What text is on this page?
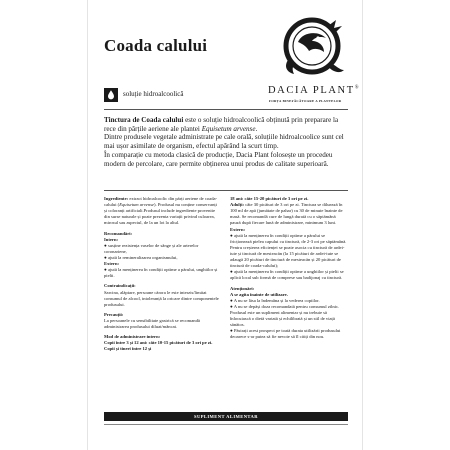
Coada calului
soluție hidroalcoolică	DACIA PLANT®
FORȚA BINEFĂCĂTOARE A PLANTELOR
Tinctura de Coada calului este o soluție hidroalcoolică obținută prin preparare la rece din părțile aeriene ale plantei Equisetum arvense.
Dintre produsele vegetale administrate pe cale orală, soluțiile hidroalcoolice sunt cel mai ușor asimilate de organism, efectul apărând la scurt timp.
În comparație cu metoda clasică de producție, Dacia Plant folosește un procedeu modern de percolare, care permite obținerea unui produs de calitate superioară.
Ingrediente: extract hidroalcoolic din părți aeriene de coada-calului (Equisetum arvense). Produsul nu conține conservanți și coloranți artificiali.Produsul include ingrediente provenite din surse naturale și poate prezenta variații privind culoarea, mirosul sau aspectul, de la un lot la altul.
Recomandări:
Intern:
● susține rezistența vaselor de sânge și ale arterelor coronariene,
● ajută la remineralizarea organismului,
Extern:
● ajută la menținerea în condiții optime a părului, unghiilor și pielii.
Contraindicații:
Sarcina, alăptare, persoane cărora le este interzis/limitat consumul de alcool, intoleranță la oricare dintre componentele produsului.
Precauții:
La persoanele cu sensibilitate gastrică se recomandă administrarea produsului diluat/mâncat.
Mod de administrare intern:
Copii între 3 și 12 ani: câte 10-15 picături de 3 ori pe zi. Copii și tineri între 12 și
18 ani: câte 15-20 picături de 3 ori pe zi.
Adulți: câte 30 picături de 3 ori pe zi. Tinctura se diluează în 100 ml de apă (jumătate de pahar) cu 30 de minute înainte de masă. Se recomandă cure de lungă durată cu o săptămână pauză după fiecare lună de administrare, minimum 3 luni.
Extern:
● ajută la menținerea în condiții optime a părului se fricționează pielea capului cu tinctură, de 2-3 ori pe săptămână. Pentru creșterea eficienței se poate asocia cu tinctură de ardei-iute și tinctură de mesteacăn (la 15 picături de ardei-iute se adaugă 20 picături de tinctură de mesteacăn și 20 picături de tinctură de coada-calului);
● ajută la menținerea în condiții optime a unghiilor și pielii se aplică local sub formă de comprese sau badijonaj cu tinctură.
Atenționări:
A se agita înainte de utilizare.
● A nu se lăsa la îndemâna și la vederea copiilor.
● A nu se depăși doza recomandată pentru consumul zilnic. Produsul este un supliment alimentar și nu trebuie să înlocuiască o dietă variată și echilibrată și un stil de viață sănătos.
● Păstrați acest prospect pe toată durata utilizării produsului deoarece s-ar putea să fie nevoie să îl citiți din nou.
SUPLIMENT ALIMENTAR
